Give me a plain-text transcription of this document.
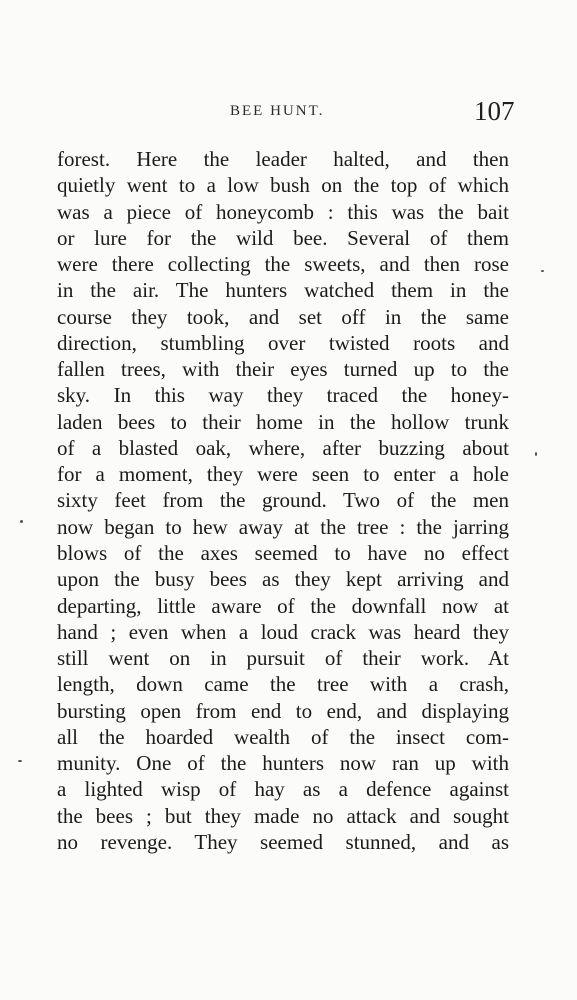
BEE HUNT.	107
forest. Here the leader halted, and then
quietly went to a low bush on the top of which
was a piece of honeycomb : this was the bait
or lure for the wild bee. Several of them
were there collecting the sweets, and then rose
in the air. The hunters watched them in the
course they took, and set off in the same
direction, stumbling over twisted roots and
fallen trees, with their eyes turned up to the
sky. In this way they traced the honey-
laden bees to their home in the hollow trunk
of a blasted oak, where, after buzzing about
for a moment, they were seen to enter a hole
sixty feet from the ground. Two of the men
now began to hew away at the tree : the jarring
blows of the axes seemed to have no effect
upon the busy bees as they kept arriving and
departing, little aware of the downfall now at
hand ; even when a loud crack was heard they
still went on in pursuit of their work. At
length, down came the tree with a crash,
bursting open from end to end, and displaying
all the hoarded wealth of the insect com-
munity. One of the hunters now ran up with
a lighted wisp of hay as a defence against
the bees ; but they made no attack and sought
no revenge. They seemed stunned, and as
